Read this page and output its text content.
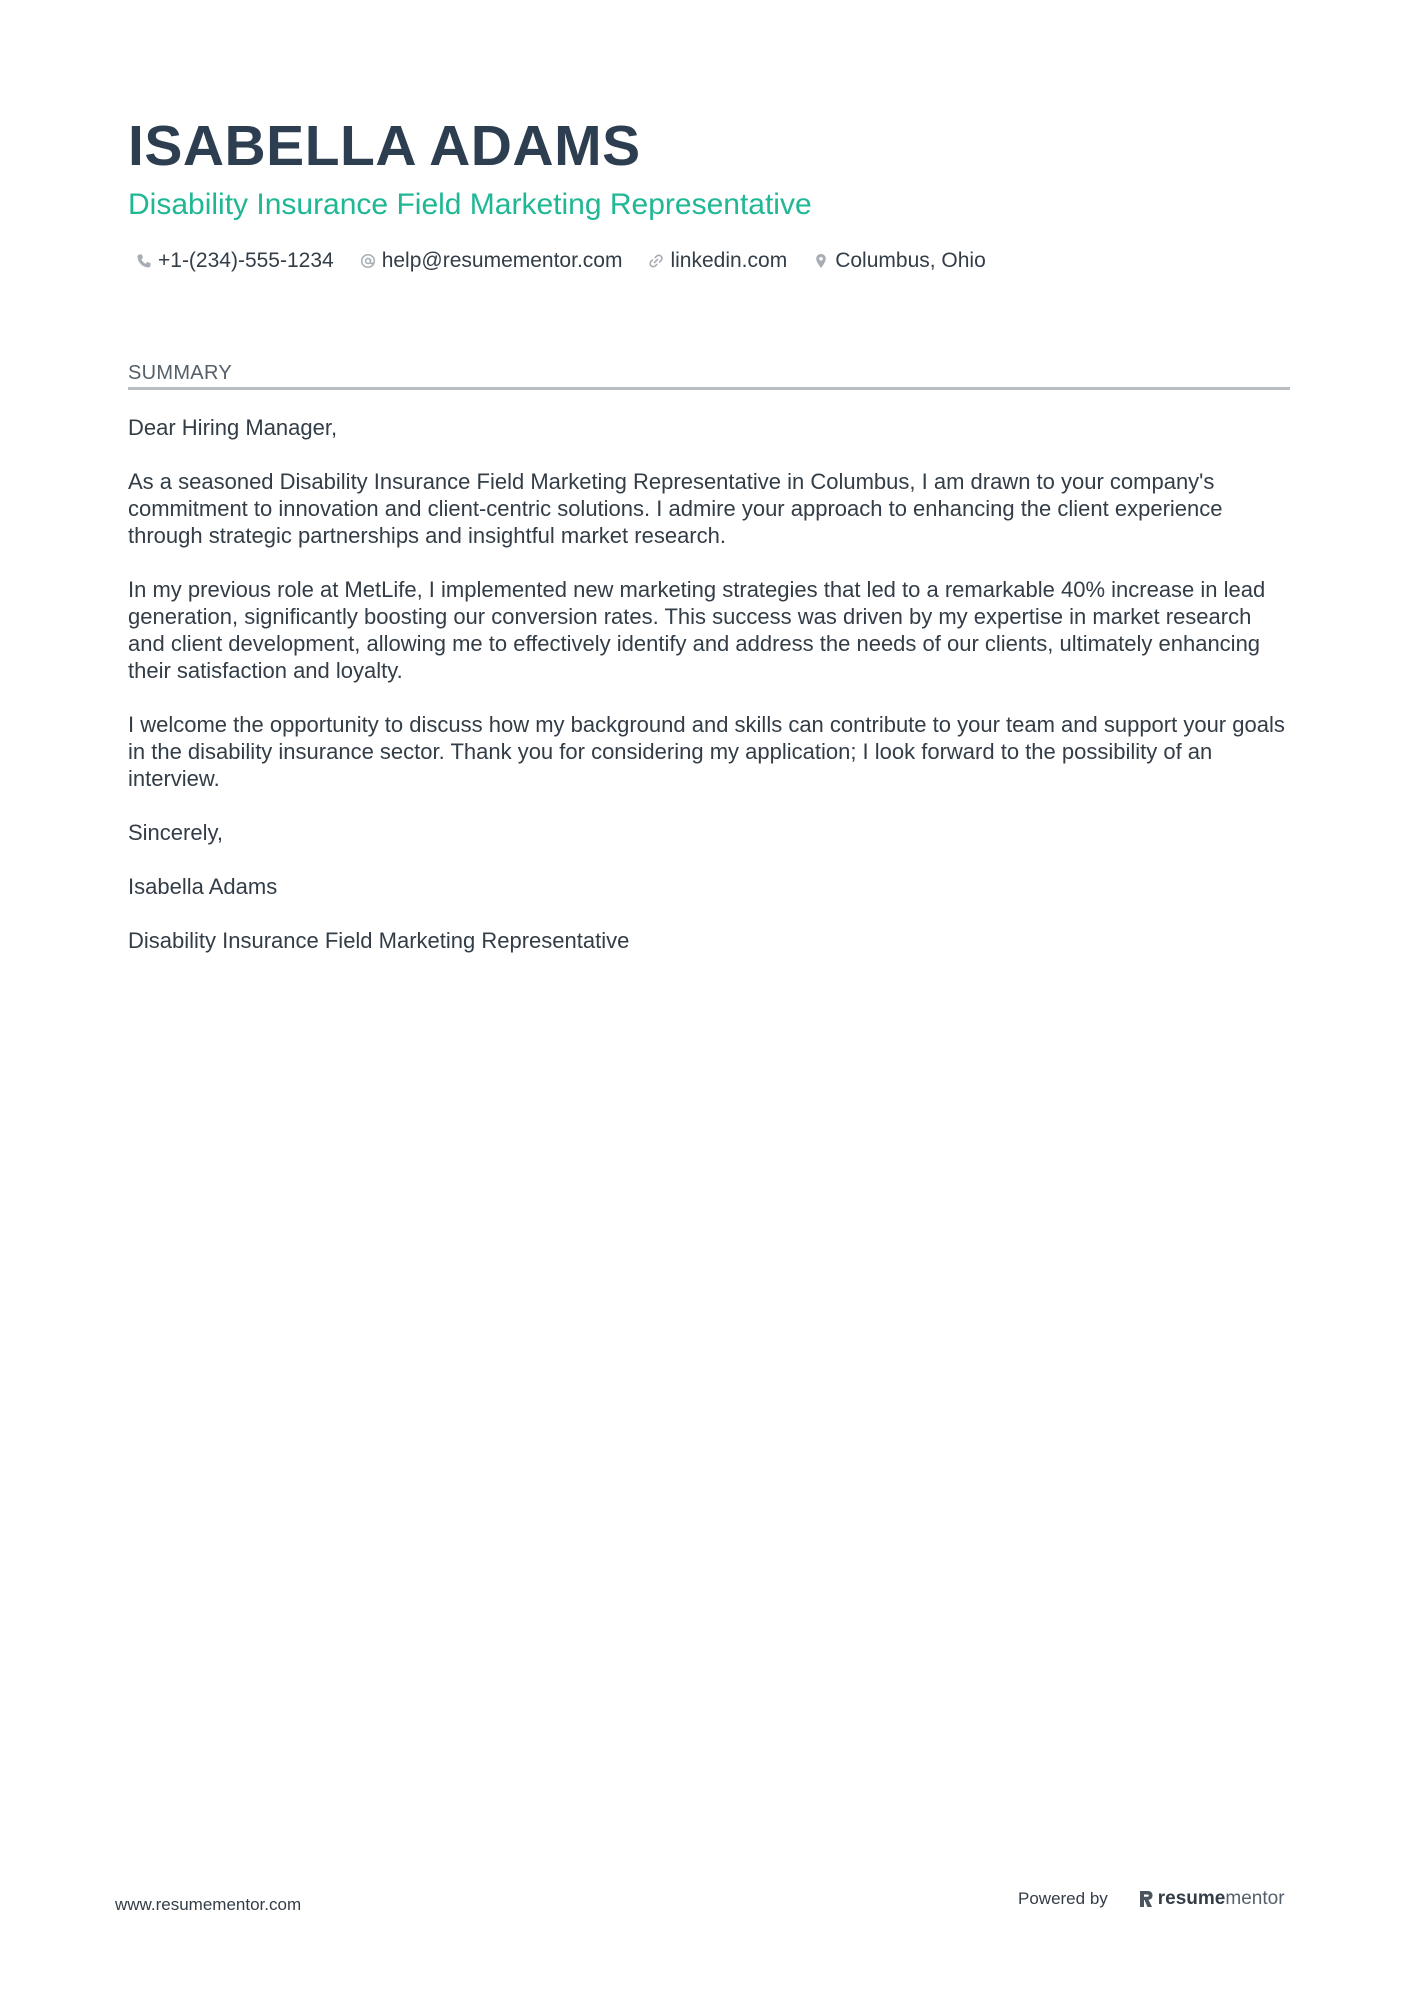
ISABELLA ADAMS
Disability Insurance Field Marketing Representative
+1-(234)-555-1234 help@resumementor.com linkedin.com Columbus, Ohio
SUMMARY

Dear Hiring Manager,

As a seasoned Disability Insurance Field Marketing Representative in Columbus, I am drawn to your company's commitment to innovation and client-centric solutions. I admire your approach to enhancing the client experience through strategic partnerships and insightful market research.

In my previous role at MetLife, I implemented new marketing strategies that led to a remarkable 40% increase in lead generation, significantly boosting our conversion rates. This success was driven by my expertise in market research and client development, allowing me to effectively identify and address the needs of our clients, ultimately enhancing their satisfaction and loyalty.

I welcome the opportunity to discuss how my background and skills can contribute to your team and support your goals in the disability insurance sector. Thank you for considering my application; I look forward to the possibility of an interview.

Sincerely,

Isabella Adams

Disability Insurance Field Marketing Representative

www.resumementor.com	Powered by	resume mentor
